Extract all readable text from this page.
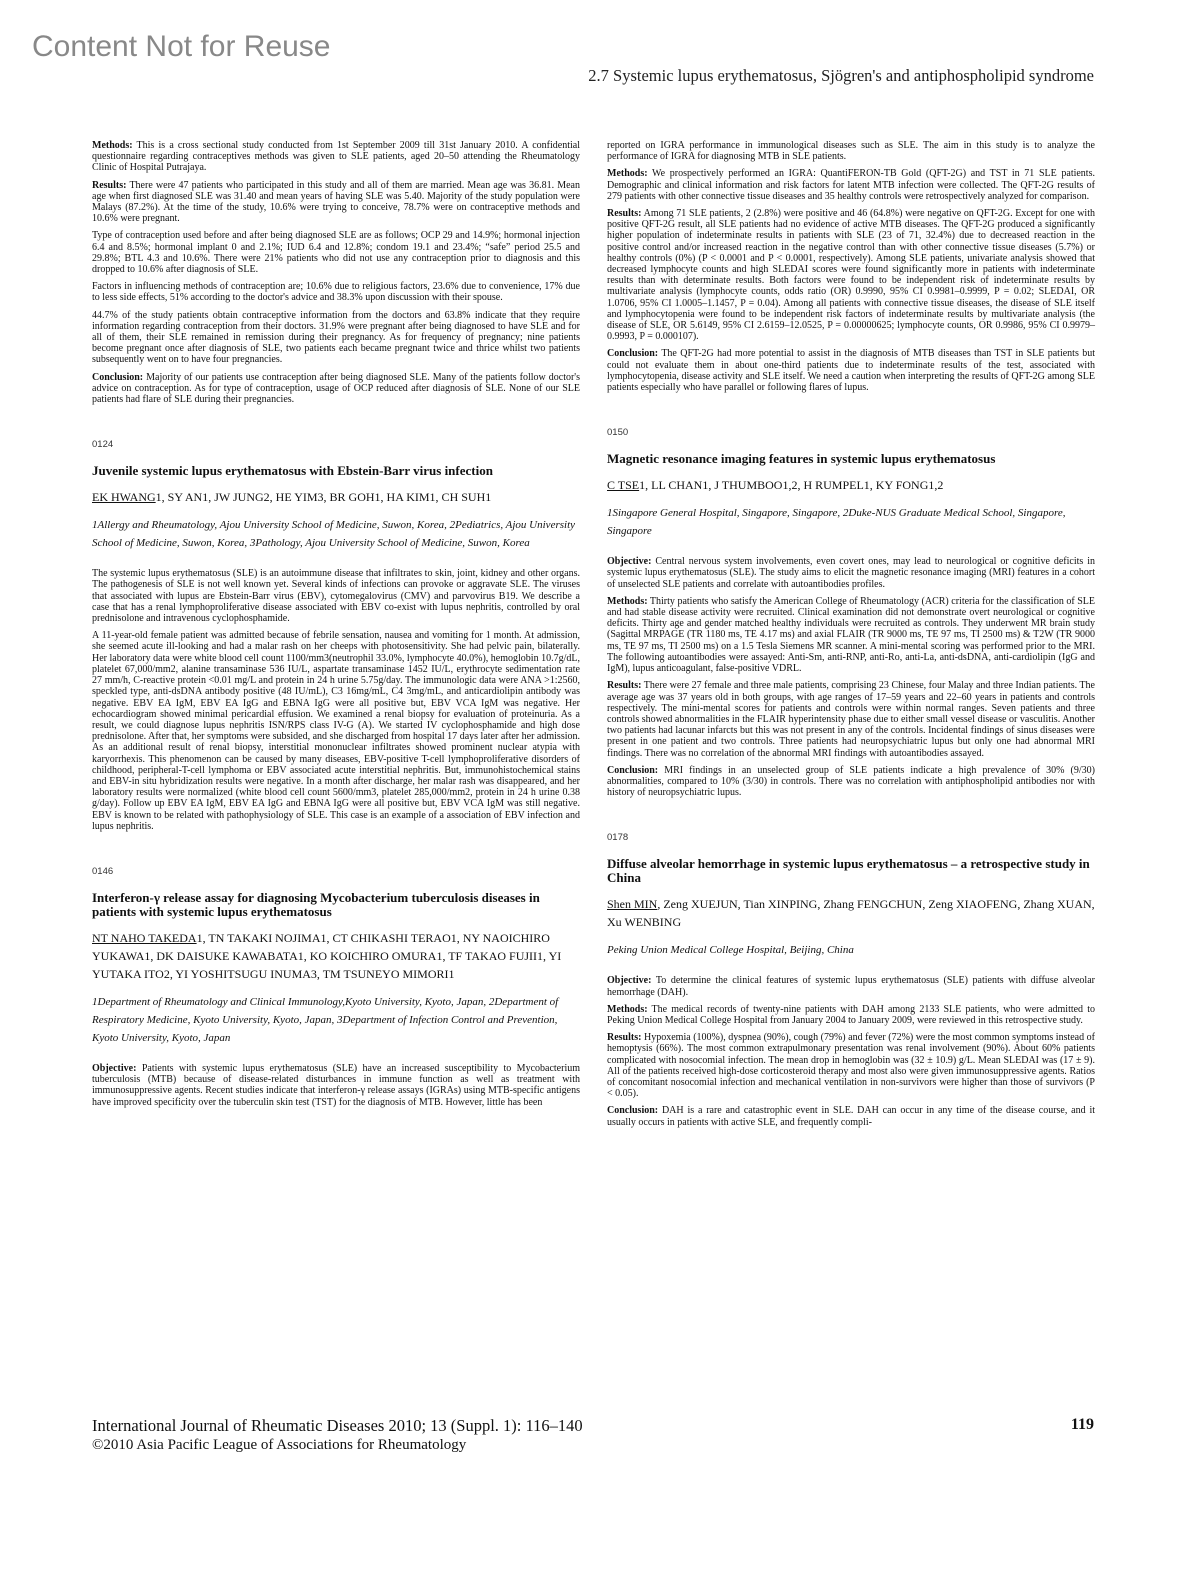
Content Not for Reuse
2.7 Systemic lupus erythematosus, Sjögren's and antiphospholipid syndrome

Methods: This is a cross sectional study conducted from 1st September 2009 till 31st January 2010. A confidential questionnaire regarding contraceptives methods was given to SLE patients, aged 20–50 attending the Rheumatology Clinic of Hospital Putrajaya.

Results: There were 47 patients who participated in this study and all of them are married. Mean age was 36.81. Mean age when first diagnosed SLE was 31.40 and mean years of having SLE was 5.40. Majority of the study population were Malays (87.2%). At the time of the study, 10.6% were trying to conceive, 78.7% were on contraceptive methods and 10.6% were pregnant.

Type of contraception used before and after being diagnosed SLE are as follows; OCP 29 and 14.9%; hormonal injection 6.4 and 8.5%; hormonal implant 0 and 2.1%; IUD 6.4 and 12.8%; condom 19.1 and 23.4%; “safe” period 25.5 and 29.8%; BTL 4.3 and 10.6%. There were 21% patients who did not use any contraception prior to diagnosis and this dropped to 10.6% after diagnosis of SLE.

Factors in influencing methods of contraception are; 10.6% due to religious factors, 23.6% due to convenience, 17% due to less side effects, 51% according to the doctor's advice and 38.3% upon discussion with their spouse.

44.7% of the study patients obtain contraceptive information from the doctors and 63.8% indicate that they require information regarding contraception from their doctors. 31.9% were pregnant after being diagnosed to have SLE and for all of them, their SLE remained in remission during their pregnancy. As for frequency of pregnancy; nine patients become pregnant once after diagnosis of SLE, two patients each became pregnant twice and thrice whilst two patients subsequently went on to have four pregnancies.

Conclusion: Majority of our patients use contraception after being diagnosed SLE. Many of the patients follow doctor's advice on contraception. As for type of contraception, usage of OCP reduced after diagnosis of SLE. None of our SLE patients had flare of SLE during their pregnancies.

0124
Juvenile systemic lupus erythematosus with Ebstein-Barr virus infection
EK HWANG1, SY AN1, JW JUNG2, HE YIM3, BR GOH1, HA KIM1, CH SUH1
1Allergy and Rheumatology, Ajou University School of Medicine, Suwon, Korea, 2Pediatrics, Ajou University School of Medicine, Suwon, Korea, 3Pathology, Ajou University School of Medicine, Suwon, Korea

The systemic lupus erythematosus (SLE) is an autoimmune disease that infiltrates to skin, joint, kidney and other organs. The pathogenesis of SLE is not well known yet. Several kinds of infections can provoke or aggravate SLE. The viruses that associated with lupus are Ebstein-Barr virus (EBV), cytomegalovirus (CMV) and parvovirus B19. We describe a case that has a renal lymphoproliferative disease associated with EBV co-exist with lupus nephritis, controlled by oral prednisolone and intravenous cyclophosphamide.

A 11-year-old female patient was admitted because of febrile sensation, nausea and vomiting for 1 month. At admission, she seemed acute ill-looking and had a malar rash on her cheeps with photosensitivity. She had pelvic pain, bilaterally. Her laboratory data were white blood cell count 1100/mm3(neutrophil 33.0%, lymphocyte 40.0%), hemoglobin 10.7g/dL, platelet 67,000/mm2, alanine transaminase 536 IU/L, aspartate transaminase 1452 IU/L, erythrocyte sedimentation rate 27 mm/h, C-reactive protein <0.01 mg/L and protein in 24 h urine 5.75g/day. The immunologic data were ANA >1:2560, speckled type, anti-dsDNA antibody positive (48 IU/mL), C3 16mg/mL, C4 3mg/mL, and anticardiolipin antibody was negative. EBV EA IgM, EBV EA IgG and EBNA IgG were all positive but, EBV VCA IgM was negative. Her echocardiogram showed minimal pericardial effusion. We examined a renal biopsy for evaluation of proteinuria. As a result, we could diagnose lupus nephritis ISN/RPS class IV-G (A). We started IV cyclophosphamide and high dose prednisolone. After that, her symptoms were subsided, and she discharged from hospital 17 days later after her admission. As an additional result of renal biopsy, interstitial mononuclear infiltrates showed prominent nuclear atypia with karyorrhexis. This phenomenon can be caused by many diseases, EBV-positive T-cell lymphoproliferative disorders of childhood, peripheral-T-cell lymphoma or EBV associated acute interstitial nephritis. But, immunohistochemical stains and EBV-in situ hybridization results were negative. In a month after discharge, her malar rash was disappeared, and her laboratory results were normalized (white blood cell count 5600/mm3, platelet 285,000/mm2, protein in 24 h urine 0.38 g/day). Follow up EBV EA IgM, EBV EA IgG and EBNA IgG were all positive but, EBV VCA IgM was still negative. EBV is known to be related with pathophysiology of SLE. This case is an example of a association of EBV infection and lupus nephritis.

0146
Interferon-γ release assay for diagnosing Mycobacterium tuberculosis diseases in patients with systemic lupus erythematosus
NT NAHO TAKEDA1, TN TAKAKI NOJIMA1, CT CHIKASHI TERAO1, NY NAOICHIRO YUKAWA1, DK DAISUKE KAWABATA1, KO KOICHIRO OMURA1, TF TAKAO FUJII1, YI YUTAKA ITO2, YI YOSHITSUGU INUMA3, TM TSUNEYO MIMORI1
1Department of Rheumatology and Clinical Immunology,Kyoto University, Kyoto, Japan, 2Department of Respiratory Medicine, Kyoto University, Kyoto, Japan, 3Department of Infection Control and Prevention, Kyoto University, Kyoto, Japan

Objective: Patients with systemic lupus erythematosus (SLE) have an increased susceptibility to Mycobacterium tuberculosis (MTB) because of disease-related disturbances in immune function as well as treatment with immunosuppressive agents. Recent studies indicate that interferon-γ release assays (IGRAs) using MTB-specific antigens have improved specificity over the tuberculin skin test (TST) for the diagnosis of MTB. However, little has been

reported on IGRA performance in immunological diseases such as SLE. The aim in this study is to analyze the performance of IGRA for diagnosing MTB in SLE patients.

Methods: We prospectively performed an IGRA: QuantiFERON-TB Gold (QFT-2G) and TST in 71 SLE patients. Demographic and clinical information and risk factors for latent MTB infection were collected. The QFT-2G results of 279 patients with other connective tissue diseases and 35 healthy controls were retrospectively analyzed for comparison.

Results: Among 71 SLE patients, 2 (2.8%) were positive and 46 (64.8%) were negative on QFT-2G. Except for one with positive QFT-2G result, all SLE patients had no evidence of active MTB diseases. The QFT-2G produced a significantly higher population of indeterminate results in patients with SLE (23 of 71, 32.4%) due to decreased reaction in the positive control and/or increased reaction in the negative control than with other connective tissue diseases (5.7%) or healthy controls (0%) (P < 0.0001 and P < 0.0001, respectively). Among SLE patients, univariate analysis showed that decreased lymphocyte counts and high SLEDAI scores were found significantly more in patients with indeterminate results than with determinate results. Both factors were found to be independent risk of indeterminate results by multivariate analysis (lymphocyte counts, odds ratio (OR) 0.9990, 95% CI 0.9981–0.9999, P = 0.02; SLEDAI, OR 1.0706, 95% CI 1.0005–1.1457, P = 0.04). Among all patients with connective tissue diseases, the disease of SLE itself and lymphocytopenia were found to be independent risk factors of indeterminate results by multivariate analysis (the disease of SLE, OR 5.6149, 95% CI 2.6159–12.0525, P = 0.00000625; lymphocyte counts, OR 0.9986, 95% CI 0.9979–0.9993, P = 0.000107).

Conclusion: The QFT-2G had more potential to assist in the diagnosis of MTB diseases than TST in SLE patients but could not evaluate them in about one-third patients due to indeterminate results of the test, associated with lymphocytopenia, disease activity and SLE itself. We need a caution when interpreting the results of QFT-2G among SLE patients especially who have parallel or following flares of lupus.

0150
Magnetic resonance imaging features in systemic lupus erythematosus
C TSE1, LL CHAN1, J THUMBOO1,2, H RUMPEL1, KY FONG1,2
1Singapore General Hospital, Singapore, Singapore, 2Duke-NUS Graduate Medical School, Singapore, Singapore

Objective: Central nervous system involvements, even covert ones, may lead to neurological or cognitive deficits in systemic lupus erythematosus (SLE). The study aims to elicit the magnetic resonance imaging (MRI) features in a cohort of unselected SLE patients and correlate with autoantibodies profiles.

Methods: Thirty patients who satisfy the American College of Rheumatology (ACR) criteria for the classification of SLE and had stable disease activity were recruited. Clinical examination did not demonstrate overt neurological or cognitive deficits. Thirty age and gender matched healthy individuals were recruited as controls. They underwent MR brain study (Sagittal MRPAGE (TR 1180 ms, TE 4.17 ms) and axial FLAIR (TR 9000 ms, TE 97 ms, TI 2500 ms) & T2W (TR 9000 ms, TE 97 ms, TI 2500 ms) on a 1.5 Tesla Siemens MR scanner. A mini-mental scoring was performed prior to the MRI. The following autoantibodies were assayed: Anti-Sm, anti-RNP, anti-Ro, anti-La, anti-dsDNA, anti-cardiolipin (IgG and IgM), lupus anticoagulant, false-positive VDRL.

Results: There were 27 female and three male patients, comprising 23 Chinese, four Malay and three Indian patients. The average age was 37 years old in both groups, with age ranges of 17–59 years and 22–60 years in patients and controls respectively. The mini-mental scores for patients and controls were within normal ranges. Seven patients and three controls showed abnormalities in the FLAIR hyperintensity phase due to either small vessel disease or vasculitis. Another two patients had lacunar infarcts but this was not present in any of the controls. Incidental findings of sinus diseases were present in one patient and two controls. Three patients had neuropsychiatric lupus but only one had abnormal MRI findings. There was no correlation of the abnormal MRI findings with autoantibodies assayed.

Conclusion: MRI findings in an unselected group of SLE patients indicate a high prevalence of 30% (9/30) abnormalities, compared to 10% (3/30) in controls. There was no correlation with antiphospholipid antibodies nor with history of neuropsychiatric lupus.

0178
Diffuse alveolar hemorrhage in systemic lupus erythematosus – a retrospective study in China
Shen MIN, Zeng XUEJUN, Tian XINPING, Zhang FENGCHUN, Zeng XIAOFENG, Zhang XUAN, Xu WENBING
Peking Union Medical College Hospital, Beijing, China

Objective: To determine the clinical features of systemic lupus erythematosus (SLE) patients with diffuse alveolar hemorrhage (DAH).

Methods: The medical records of twenty-nine patients with DAH among 2133 SLE patients, who were admitted to Peking Union Medical College Hospital from January 2004 to January 2009, were reviewed in this retrospective study.

Results: Hypoxemia (100%), dyspnea (90%), cough (79%) and fever (72%) were the most common symptoms instead of hemoptysis (66%). The most common extrapulmonary presentation was renal involvement (90%). About 60% patients complicated with nosocomial infection. The mean drop in hemoglobin was (32 ± 10.9) g/L. Mean SLEDAI was (17 ± 9). All of the patients received high-dose corticosteroid therapy and most also were given immunosuppressive agents. Ratios of concomitant nosocomial infection and mechanical ventilation in non-survivors were higher than those of survivors (P < 0.05).

Conclusion: DAH is a rare and catastrophic event in SLE. DAH can occur in any time of the disease course, and it usually occurs in patients with active SLE, and frequently compli-

International Journal of Rheumatic Diseases 2010; 13 (Suppl. 1): 116–140
©2010 Asia Pacific League of Associations for Rheumatology
119
